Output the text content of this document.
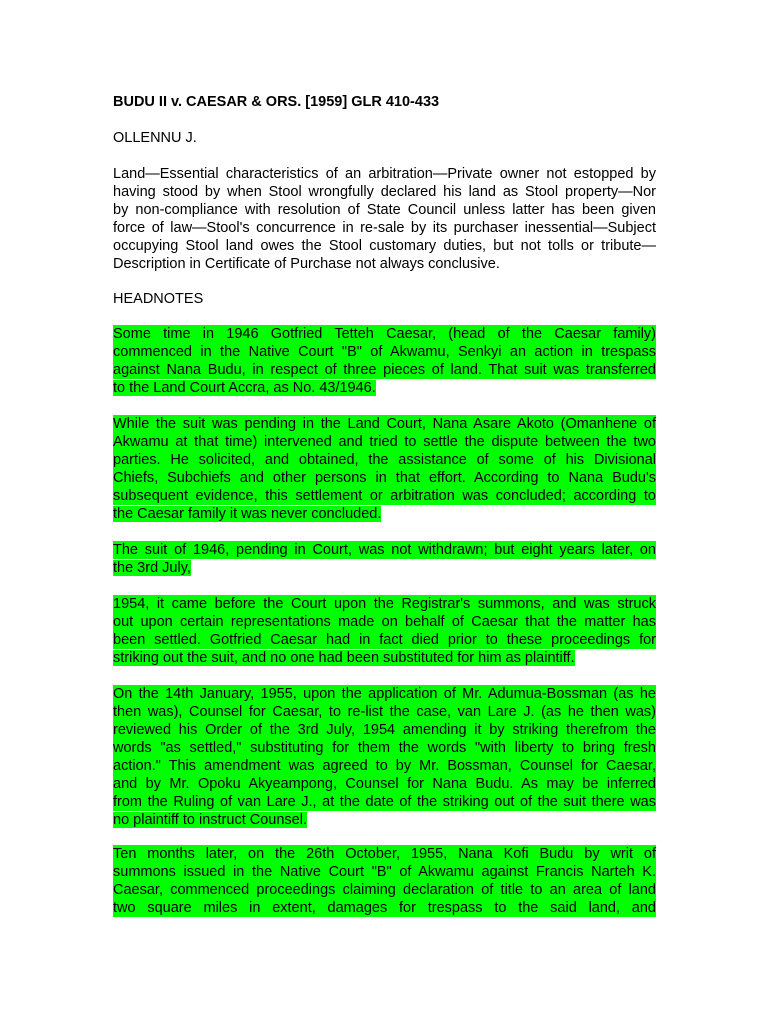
BUDU II v. CAESAR & ORS. [1959] GLR 410-433
OLLENNU J.
Land—Essential characteristics of an arbitration—Private owner not estopped by
having stood by when Stool wrongfully declared his land as Stool property—Nor
by non-compliance with resolution of State Council unless latter has been given
force of law—Stool's concurrence in re-sale by its purchaser inessential—Subject
occupying Stool land owes the Stool customary duties, but not tolls or tribute—
Description in Certificate of Purchase not always conclusive.
HEADNOTES
Some time in 1946 Gotfried Tetteh Caesar, (head of the Caesar family)
commenced in the Native Court "B" of Akwamu, Senkyi an action in trespass
against Nana Budu, in respect of three pieces of land. That suit was transferred
to the Land Court Accra, as No. 43/1946.
While the suit was pending in the Land Court, Nana Asare Akoto (Omanhene of
Akwamu at that time) intervened and tried to settle the dispute between the two
parties. He solicited, and obtained, the assistance of some of his Divisional
Chiefs, Subchiefs and other persons in that effort. According to Nana Budu's
subsequent evidence, this settlement or arbitration was concluded; according to
the Caesar family it was never concluded.
The suit of 1946, pending in Court, was not withdrawn; but eight years later, on
the 3rd July,
1954, it came before the Court upon the Registrar's summons, and was struck
out upon certain representations made on behalf of Caesar that the matter has
been settled. Gotfried Caesar had in fact died prior to these proceedings for
striking out the suit, and no one had been substituted for him as plaintiff.
On the 14th January, 1955, upon the application of Mr. Adumua-Bossman (as he
then was), Counsel for Caesar, to re-list the case, van Lare J. (as he then was)
reviewed his Order of the 3rd July, 1954 amending it by striking therefrom the
words "as settled," substituting for them the words "with liberty to bring fresh
action." This amendment was agreed to by Mr. Bossman, Counsel for Caesar,
and by Mr. Opoku Akyeampong, Counsel for Nana Budu. As may be inferred
from the Ruling of van Lare J., at the date of the striking out of the suit there was
no plaintiff to instruct Counsel.
Ten months later, on the 26th October, 1955, Nana Kofi Budu by writ of
summons issued in the Native Court "B" of Akwamu against Francis Narteh K.
Caesar, commenced proceedings claiming declaration of title to an area of land
two square miles in extent, damages for trespass to the said land, and
